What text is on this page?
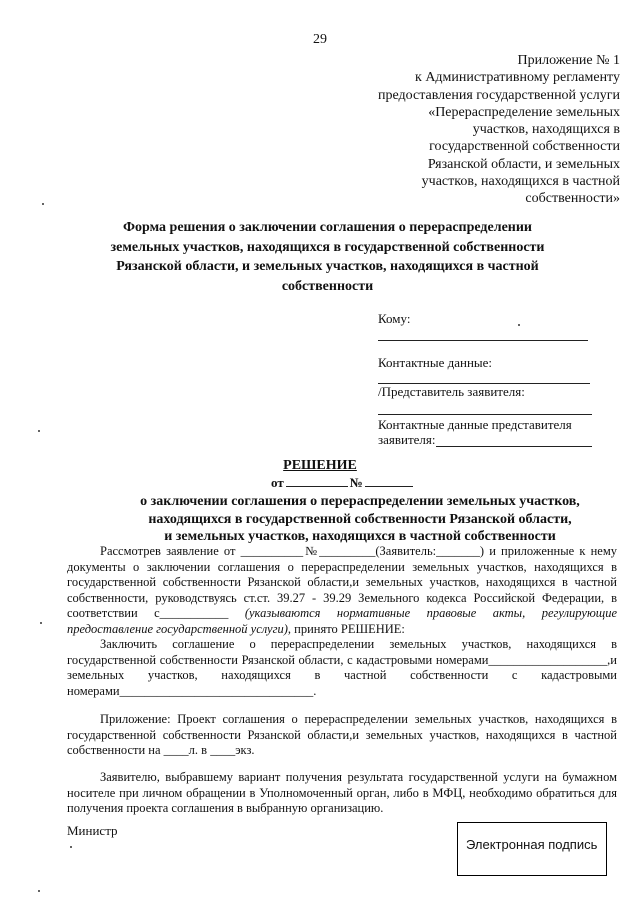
29
Приложение № 1
к Административному регламенту
предоставления государственной услуги
«Перераспределение земельных
участков, находящихся в
государственной собственности
Рязанской области, и земельных
участков, находящихся в частной
собственности»
Форма решения о заключении соглашения о перераспределении
земельных участков, находящихся в государственной собственности
Рязанской области, и земельных участков, находящихся в частной
собственности
Кому:
Контактные данные:
/Представитель заявителя:
Контактные данные представителя
заявителя:
РЕШЕНИЕ
от	№
о заключении соглашения о перераспределении земельных участков,
находящихся в государственной собственности Рязанской области,
и земельных участков, находящихся в частной собственности
Рассмотрев заявление от __________№_________(Заявитель:_______) и приложенные к нему документы о заключении соглашения о перераспределении земельных участков, находящихся в государственной собственности Рязанской области,и земельных участков, находящихся в частной собственности, руководствуясь ст.ст. 39.27 - 39.29 Земельного кодекса Российской Федерации, в соответствии с___________ (указываются нормативные правовые акты, регулирующие предоставление государственной услуги), принято РЕШЕНИЕ:
Заключить соглашение о перераспределении земельных участков, находящихся в государственной собственности Рязанской области, с кадастровыми номерами___________________,и земельных участков, находящихся в частной собственности с кадастровыми номерами_______________________________.
Приложение: Проект соглашения о перераспределении земельных участков, находящихся в государственной собственности Рязанской области,и земельных участков, находящихся в частной собственности на ____л. в ____экз.
Заявителю, выбравшему вариант получения результата государственной услуги на бумажном носителе при личном обращении в Уполномоченный орган, либо в МФЦ, необходимо обратиться для получения проекта соглашения в выбранную организацию.
Министр
Электронная подпись
